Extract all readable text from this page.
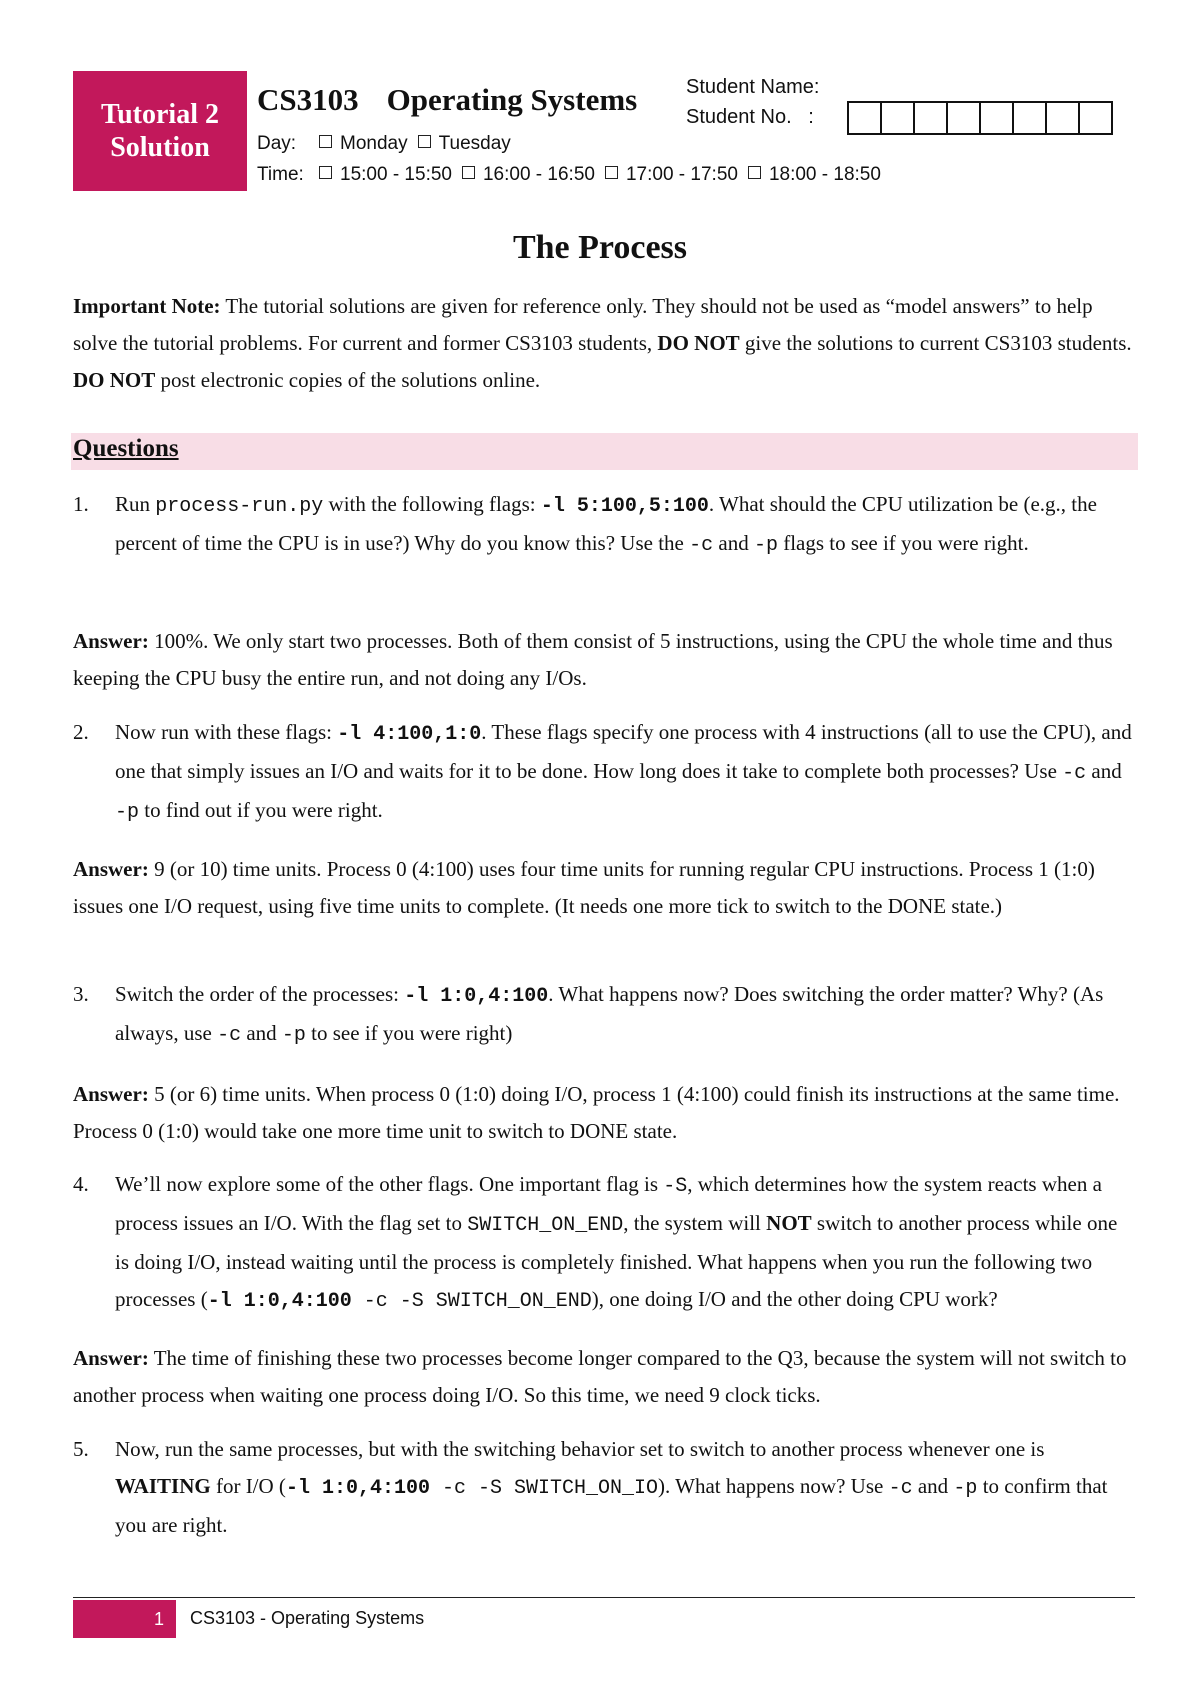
Tutorial 2
Solution
CS3103 Operating Systems
Day: Monday Tuesday
Time: 15:00 - 15:50 16:00 - 16:50 17:00 - 17:50 18:00 - 18:50
Student Name:
Student No.   :
The Process
Important Note: The tutorial solutions are given for reference only. They should not be used as “model answers” to help solve the tutorial problems. For current and former CS3103 students, DO NOT give the solutions to current CS3103 students. DO NOT post electronic copies of the solutions online.
Questions
1. Run process-run.py with the following flags: -l 5:100,5:100. What should the CPU utilization be (e.g., the percent of time the CPU is in use?) Why do you know this? Use the -c and -p flags to see if you were right.
Answer: 100%. We only start two processes. Both of them consist of 5 instructions, using the CPU the whole time and thus keeping the CPU busy the entire run, and not doing any I/Os.
2. Now run with these flags: -l 4:100,1:0. These flags specify one process with 4 instructions (all to use the CPU), and one that simply issues an I/O and waits for it to be done. How long does it take to complete both processes? Use -c and -p to find out if you were right.
Answer: 9 (or 10) time units. Process 0 (4:100) uses four time units for running regular CPU instructions. Process 1 (1:0) issues one I/O request, using five time units to complete. (It needs one more tick to switch to the DONE state.)
3. Switch the order of the processes: -l 1:0,4:100. What happens now? Does switching the order matter? Why? (As always, use -c and -p to see if you were right)
Answer: 5 (or 6) time units. When process 0 (1:0) doing I/O, process 1 (4:100) could finish its instructions at the same time. Process 0 (1:0) would take one more time unit to switch to DONE state.
4. We’ll now explore some of the other flags. One important flag is -S, which determines how the system reacts when a process issues an I/O. With the flag set to SWITCH_ON_END, the system will NOT switch to another process while one is doing I/O, instead waiting until the process is completely finished. What happens when you run the following two processes (-l 1:0,4:100 -c -S SWITCH_ON_END), one doing I/O and the other doing CPU work?
Answer: The time of finishing these two processes become longer compared to the Q3, because the system will not switch to another process when waiting one process doing I/O. So this time, we need 9 clock ticks.
5. Now, run the same processes, but with the switching behavior set to switch to another process whenever one is WAITING for I/O (-l 1:0,4:100 -c -S SWITCH_ON_IO). What happens now? Use -c and -p to confirm that you are right.
1 CS3103 - Operating Systems
